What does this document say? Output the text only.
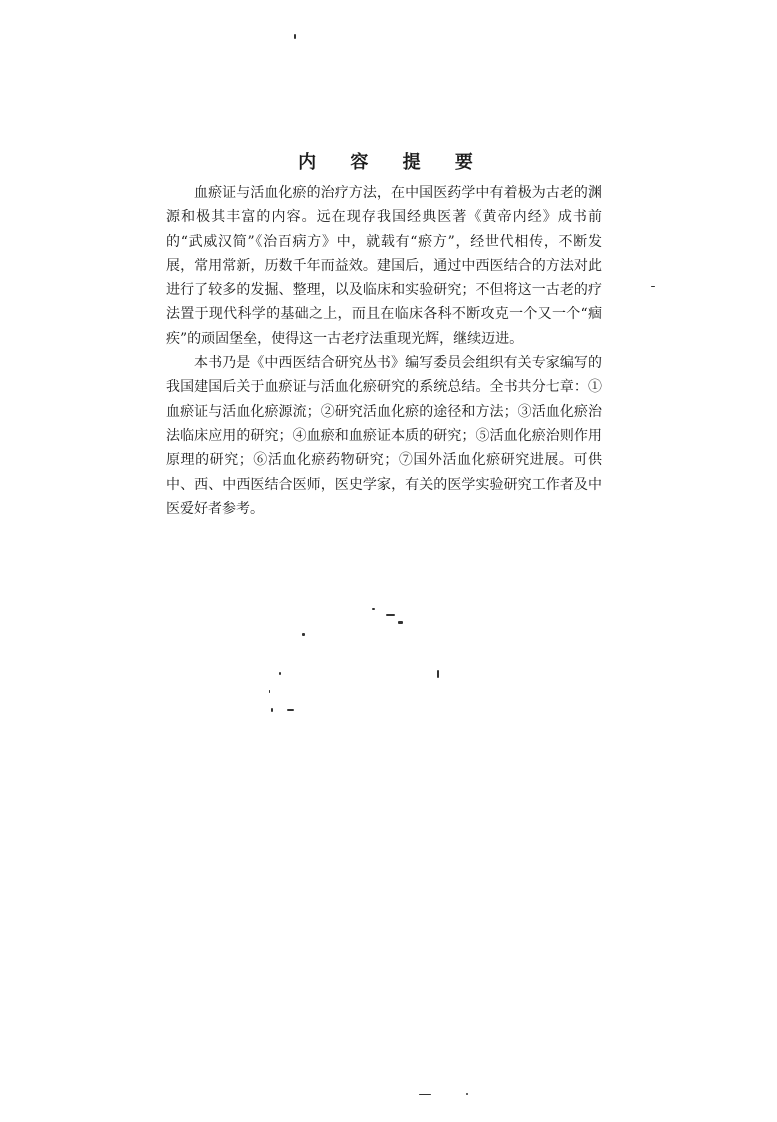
内 容 提 要

血瘀证与活血化瘀的治疗方法，在中国医药学中有着极为古老的渊源和极其丰富的内容。远在现存我国经典医著《黄帝内经》成书前的“武威汉简”《治百病方》中，就载有“瘀方”，经世代相传，不断发展，常用常新，历数千年而益效。建国后，通过中西医结合的方法对此进行了较多的发掘、整理，以及临床和实验研究；不但将这一古老的疗法置于现代科学的基础之上，而且在临床各科不断攻克一个又一个“痼疾”的顽固堡垒，使得这一古老疗法重现光辉，继续迈进。

本书乃是《中西医结合研究丛书》编写委员会组织有关专家编写的我国建国后关于血瘀证与活血化瘀研究的系统总结。全书共分七章：①血瘀证与活血化瘀源流；②研究活血化瘀的途径和方法；③活血化瘀治法临床应用的研究；④血瘀和血瘀证本质的研究；⑤活血化瘀治则作用原理的研究；⑥活血化瘀药物研究；⑦国外活血化瘀研究进展。可供中、西、中西医结合医师，医史学家，有关的医学实验研究工作者及中医爱好者参考。
